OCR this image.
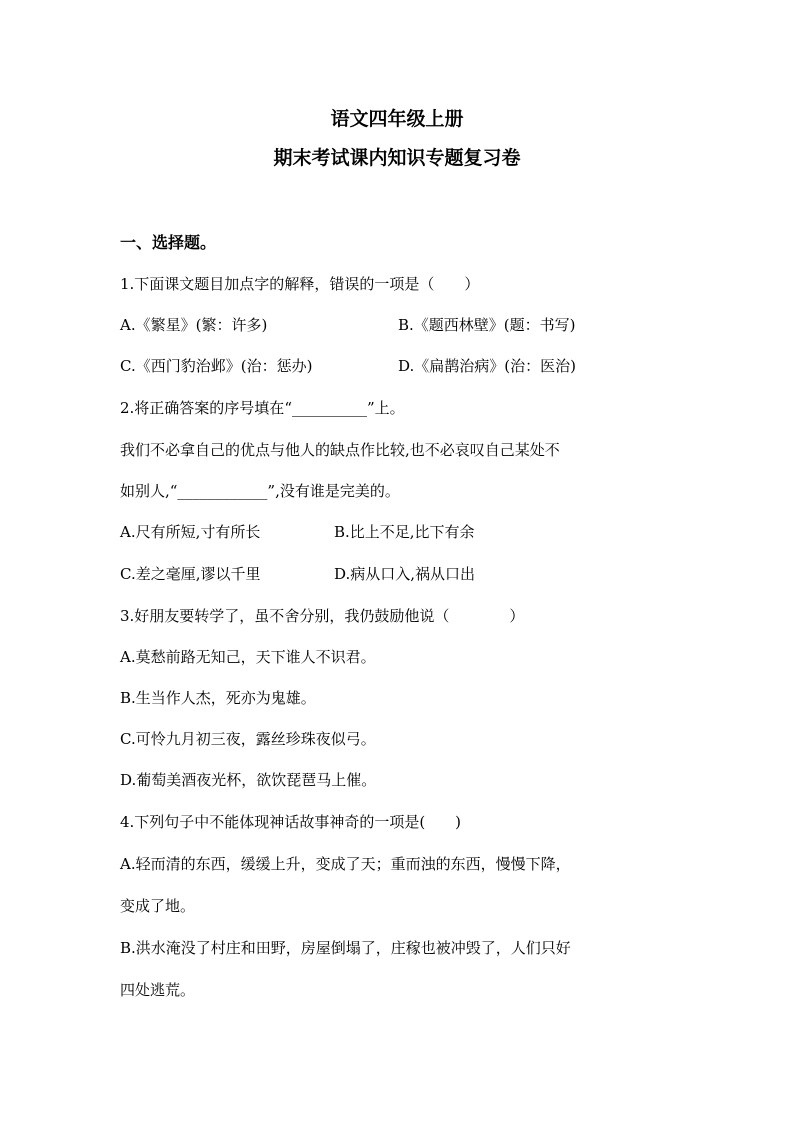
语文四年级上册
期末考试课内知识专题复习卷
一、选择题。
1.下面课文题目加点字的解释，错误的一项是（　　）
A.《繁星》(繁：许多)	B.《题西林壁》(题：书写)
C.《西门豹治邺》(治：惩办)	D.《扁鹊治病》(治：医治)
2.将正确答案的序号填在“__________”上。
我们不必拿自己的优点与他人的缺点作比较,也不必哀叹自己某处不
如别人,“____________”,没有谁是完美的。
A.尺有所短,寸有所长	B.比上不足,比下有余
C.差之毫厘,谬以千里	D.病从口入,祸从口出
3.好朋友要转学了，虽不舍分别，我仍鼓励他说（　　　　）
A.莫愁前路无知己，天下谁人不识君。
B.生当作人杰，死亦为鬼雄。
C.可怜九月初三夜，露丝珍珠夜似弓。
D.葡萄美酒夜光杯，欲饮琵琶马上催。
4.下列句子中不能体现神话故事神奇的一项是(　　)
A.轻而清的东西，缓缓上升，变成了天；重而浊的东西，慢慢下降，
变成了地。
B.洪水淹没了村庄和田野，房屋倒塌了，庄稼也被冲毁了，人们只好
四处逃荒。
